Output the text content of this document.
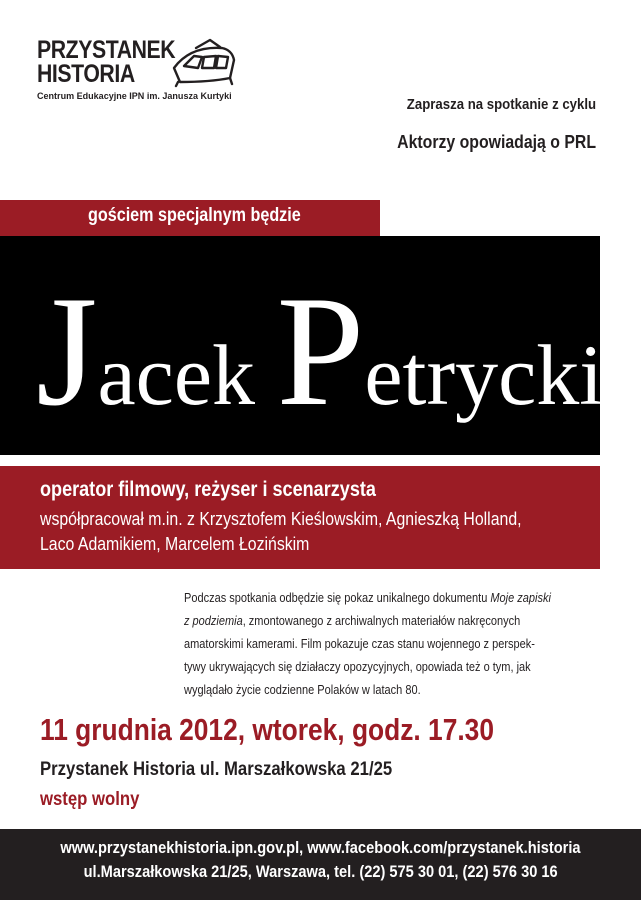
PRZYSTANEK
HISTORIA
Centrum Edukacyjne IPN im. Janusza Kurtyki	Zaprasza na spotkanie z cyklu
Aktorzy opowiadają o PRL
gościem specjalnym będzie
Jacek Petrycki
operator filmowy, reżyser i scenarzysta
współpracował m.in. z Krzysztofem Kieślowskim, Agnieszką Holland,
Laco Adamikiem, Marcelem Łozińskim
Podczas spotkania odbędzie się pokaz unikalnego dokumentu Moje zapiski
z podziemia, zmontowanego z archiwalnych materiałów nakręconych
amatorskimi kamerami. Film pokazuje czas stanu wojennego z perspek-
tywy ukrywających się działaczy opozycyjnych, opowiada też o tym, jak
wyglądało życie codzienne Polaków w latach 80.
11 grudnia 2012, wtorek, godz. 17.30
Przystanek Historia ul. Marszałkowska 21/25
wstęp wolny
www.przystanekhistoria.ipn.gov.pl, www.facebook.com/przystanek.historia
ul.Marszałkowska 21/25, Warszawa, tel. (22) 575 30 01, (22) 576 30 16
